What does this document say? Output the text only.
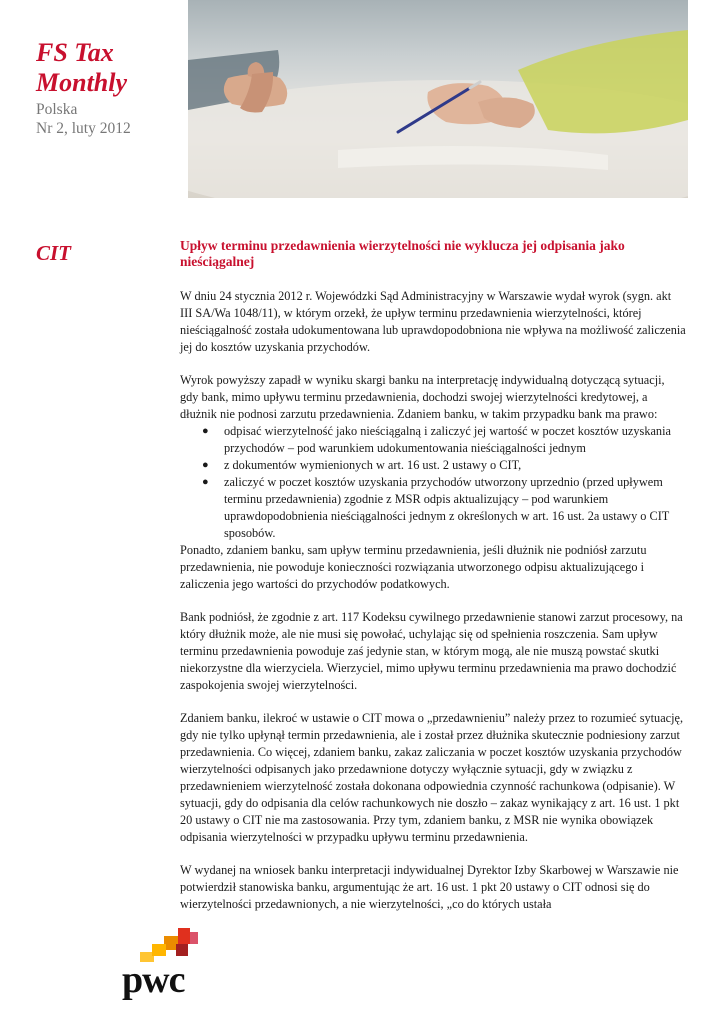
FS Tax
Monthly
Polska
Nr 2, luty 2012
CIT	Upływ terminu przedawnienia wierzytelności nie wyklucza jej odpisania jako nieściągalnej

W dniu 24 stycznia 2012 r. Wojewódzki Sąd Administracyjny w Warszawie wydał wyrok (sygn. akt III SA/Wa 1048/11), w którym orzekł, że upływ terminu przedawnienia wierzytelności, której nieściągalność została udokumentowana lub uprawdopodobniona nie wpływa na możliwość zaliczenia jej do kosztów uzyskania przychodów.

Wyrok powyższy zapadł w wyniku skargi banku na interpretację indywidualną dotyczącą sytuacji, gdy bank, mimo upływu terminu przedawnienia, dochodzi swojej wierzytelności kredytowej, a dłużnik nie podnosi zarzutu przedawnienia. Zdaniem banku, w takim przypadku bank ma prawo:

● odpisać wierzytelność jako nieściągalną i zaliczyć jej wartość w poczet kosztów uzyskania przychodów – pod warunkiem udokumentowania nieściągalności jednym
● z dokumentów wymienionych w art. 16 ust. 2 ustawy o CIT,
● zaliczyć w poczet kosztów uzyskania przychodów utworzony uprzednio (przed upływem terminu przedawnienia) zgodnie z MSR odpis aktualizujący – pod warunkiem uprawdopodobnienia nieściągalności jednym z określonych w art. 16 ust. 2a ustawy o CIT sposobów.

Ponadto, zdaniem banku, sam upływ terminu przedawnienia, jeśli dłużnik nie podniósł zarzutu przedawnienia, nie powoduje konieczności rozwiązania utworzonego odpisu aktualizującego i zaliczenia jego wartości do przychodów podatkowych.

Bank podniósł, że zgodnie z art. 117 Kodeksu cywilnego przedawnienie stanowi zarzut procesowy, na który dłużnik może, ale nie musi się powołać, uchylając się od spełnienia roszczenia. Sam upływ terminu przedawnienia powoduje zaś jedynie stan, w którym mogą, ale nie muszą powstać skutki niekorzystne dla wierzyciela. Wierzyciel, mimo upływu terminu przedawnienia ma prawo dochodzić zaspokojenia swojej wierzytelności.

Zdaniem banku, ilekroć w ustawie o CIT mowa o „przedawnieniu” należy przez to rozumieć sytuację, gdy nie tylko upłynął termin przedawnienia, ale i został przez dłużnika skutecznie podniesiony zarzut przedawnienia. Co więcej, zdaniem banku, zakaz zaliczania w poczet kosztów uzyskania przychodów wierzytelności odpisanych jako przedawnione dotyczy wyłącznie sytuacji, gdy w związku z przedawnieniem wierzytelność została dokonana odpowiednia czynność rachunkowa (odpisanie). W sytuacji, gdy do odpisania dla celów rachunkowych nie doszło – zakaz wynikający z art. 16 ust. 1 pkt 20 ustawy o CIT nie ma zastosowania. Przy tym, zdaniem banku, z MSR nie wynika obowiązek odpisania wierzytelności w przypadku upływu terminu przedawnienia.

W wydanej na wniosek banku interpretacji indywidualnej Dyrektor Izby Skarbowej w Warszawie nie potwierdził stanowiska banku, argumentując że art. 16 ust. 1 pkt 20 ustawy o CIT odnosi się do wierzytelności przedawnionych, a nie wierzytelności, „co do których ustała

pwc
